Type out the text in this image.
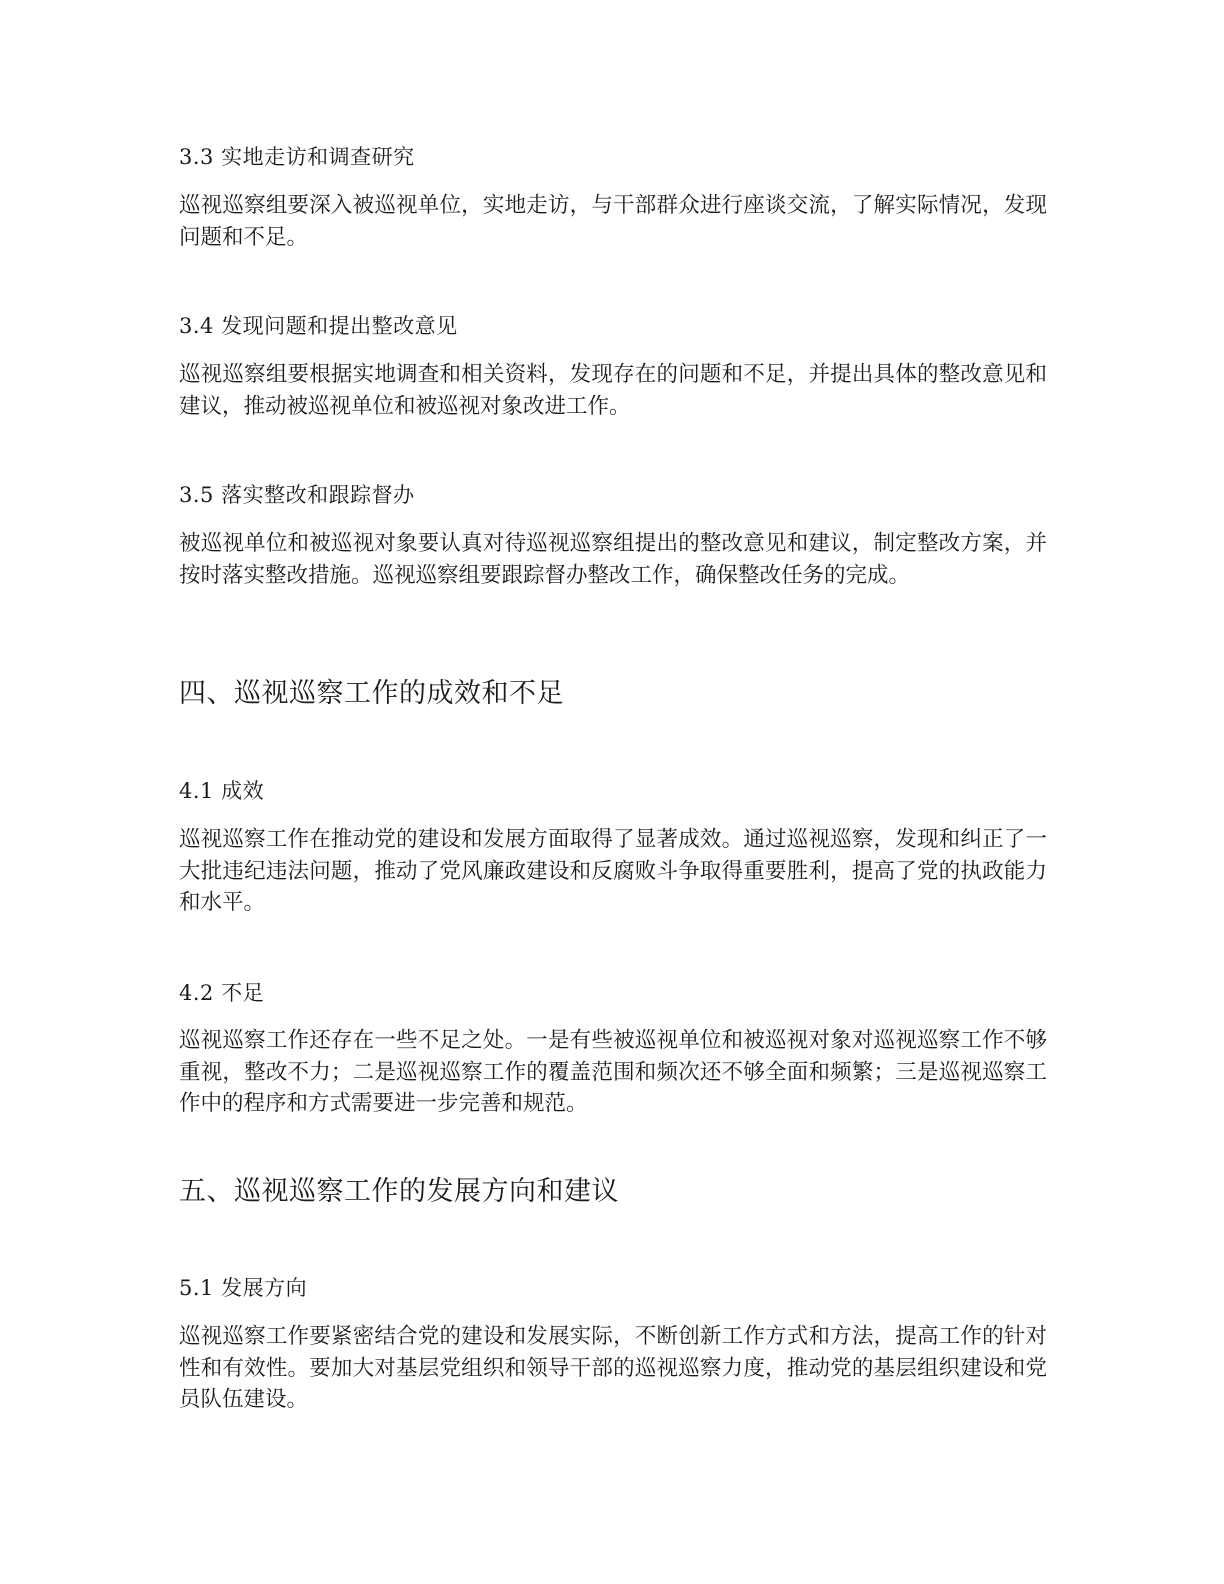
3.3 实地走访和调查研究
巡视巡察组要深入被巡视单位，实地走访，与干部群众进行座谈交流，了解实际情况，发现问题和不足。
3.4 发现问题和提出整改意见
巡视巡察组要根据实地调查和相关资料，发现存在的问题和不足，并提出具体的整改意见和建议，推动被巡视单位和被巡视对象改进工作。
3.5 落实整改和跟踪督办
被巡视单位和被巡视对象要认真对待巡视巡察组提出的整改意见和建议，制定整改方案，并按时落实整改措施。巡视巡察组要跟踪督办整改工作，确保整改任务的完成。
四、巡视巡察工作的成效和不足
4.1 成效
巡视巡察工作在推动党的建设和发展方面取得了显著成效。通过巡视巡察，发现和纠正了一大批违纪违法问题，推动了党风廉政建设和反腐败斗争取得重要胜利，提高了党的执政能力和水平。
4.2 不足
巡视巡察工作还存在一些不足之处。一是有些被巡视单位和被巡视对象对巡视巡察工作不够重视，整改不力；二是巡视巡察工作的覆盖范围和频次还不够全面和频繁；三是巡视巡察工作中的程序和方式需要进一步完善和规范。
五、巡视巡察工作的发展方向和建议
5.1 发展方向
巡视巡察工作要紧密结合党的建设和发展实际，不断创新工作方式和方法，提高工作的针对性和有效性。要加大对基层党组织和领导干部的巡视巡察力度，推动党的基层组织建设和党员队伍建设。
